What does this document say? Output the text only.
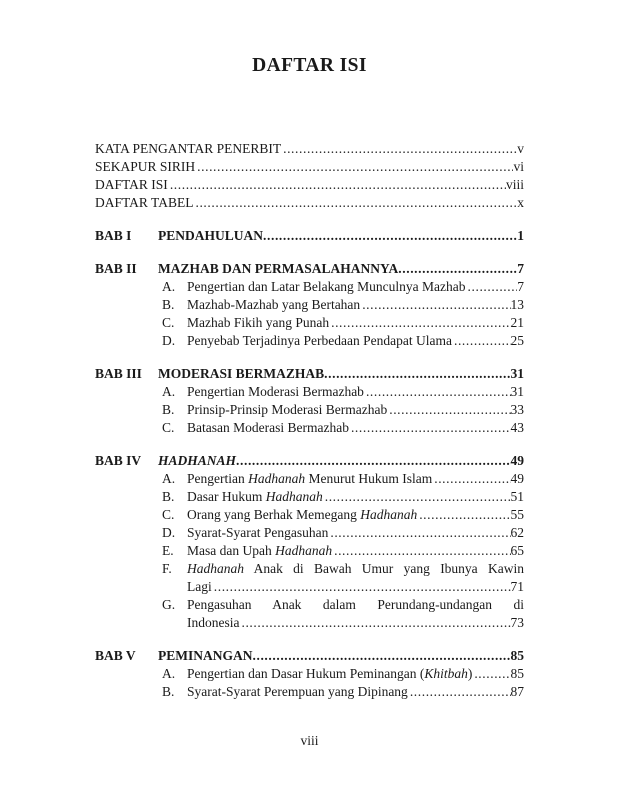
DAFTAR ISI
KATA PENGANTAR PENERBIT .....	v
SEKAPUR SIRIH .....	vi
DAFTAR ISI .....	viii
DAFTAR TABEL .....	x
BAB I	PENDAHULUAN .....	1
BAB II	MAZHAB DAN PERMASALAHANNYA .....	7
A. Pengertian dan Latar Belakang Munculnya Mazhab .....	7
B. Mazhab-Mazhab yang Bertahan .....	13
C. Mazhab Fikih yang Punah .....	21
D. Penyebab Terjadinya Perbedaan Pendapat Ulama .....	25
BAB III	MODERASI BERMAZHAB .....	31
A. Pengertian Moderasi Bermazhab .....	31
B. Prinsip-Prinsip Moderasi Bermazhab .....	33
C. Batasan Moderasi Bermazhab .....	43
BAB IV	HADHANAH .....	49
A. Pengertian Hadhanah Menurut Hukum Islam .....	49
B. Dasar Hukum Hadhanah .....	51
C. Orang yang Berhak Memegang Hadhanah .....	55
D. Syarat-Syarat Pengasuhan .....	62
E. Masa dan Upah Hadhanah .....	65
F.	Hadhanah Anak di Bawah Umur yang Ibunya Kawin
Lagi .....	71
G. Pengasuhan Anak dalam Perundang-undangan di
Indonesia .....	73
BAB V	PEMINANGAN .....	85
A. Pengertian dan Dasar Hukum Peminangan (Khitbah) .....	85
B. Syarat-Syarat Perempuan yang Dipinang .....	87
viii
